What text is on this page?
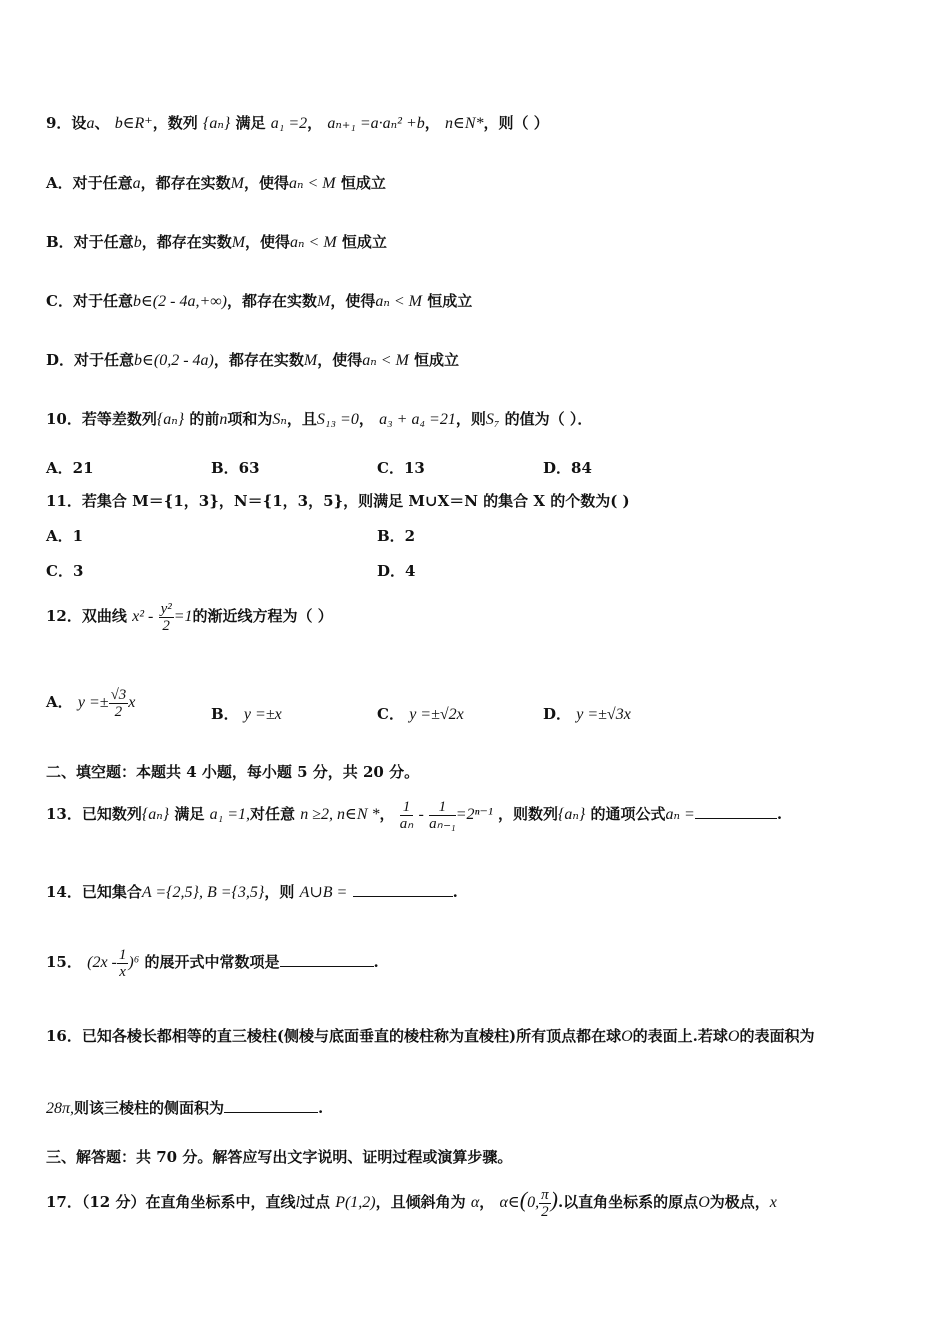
9．设a、 b∈R⁺，数列 {aₙ} 满足 a₁ =2， aₙ₊₁ =a·aₙ² +b， n∈N*，则（ ）
A．对于任意a，都存在实数M，使得aₙ < M 恒成立
B．对于任意b，都存在实数M，使得aₙ < M 恒成立
C．对于任意b∈(2 - 4a,+∞)，都存在实数M，使得aₙ < M 恒成立
D．对于任意b∈(0,2 - 4a)，都存在实数M，使得aₙ < M 恒成立
10．若等差数列{aₙ} 的前n项和为Sₙ，且S₁₃ =0， a₃ + a₄ =21，则S₇ 的值为（ ）．
A．21	B．63	C．13	D．84
11．若集合 M＝{1，3}，N＝{1，3，5}，则满足 M∪X＝N 的集合 X 的个数为( )
A．1	B．2
C．3	D．4
12．双曲线 $x^2 - \frac{\text{y²}}{2} =1$的渐近线方程为（ ）
A． $y =\pm \frac{√3}{2}$ x
B． y =±x	C． y =±√2x	D． y =±√3x
二、填空题：本题共 4 小题，每小题 5 分，共 20 分。
13．已知数列{aₙ} 满足 a₁ =1,对任意 n ≥2, n∈N *， $\frac{1}{\text{aₙ}} - \frac{1}{\text{aₙ₋₁}} =2^{n-1}$ ，则数列{aₙ} 的通项公式aₙ =	.
14．已知集合A ={2,5}, B ={3,5}，则 A∪B =	.
15． $(2x - \frac{1}{x} )^6$ 的展开式中常数项是	.
16．已知各棱长都相等的直三棱柱(侧棱与底面垂直的棱柱称为直棱柱)所有顶点都在球O的表面上.若球O的表面积为
28π,则该三棱柱的侧面积为	.
三、解答题：共 70 分。解答应写出文字说明、证明过程或演算步骤。
17．（12 分）在直角坐标系中，直线l过点 P(1,2)，且倾斜角为 α， α∈(0, $\frac{\pi}{2}$ ).以直角坐标系的原点O为极点，x
